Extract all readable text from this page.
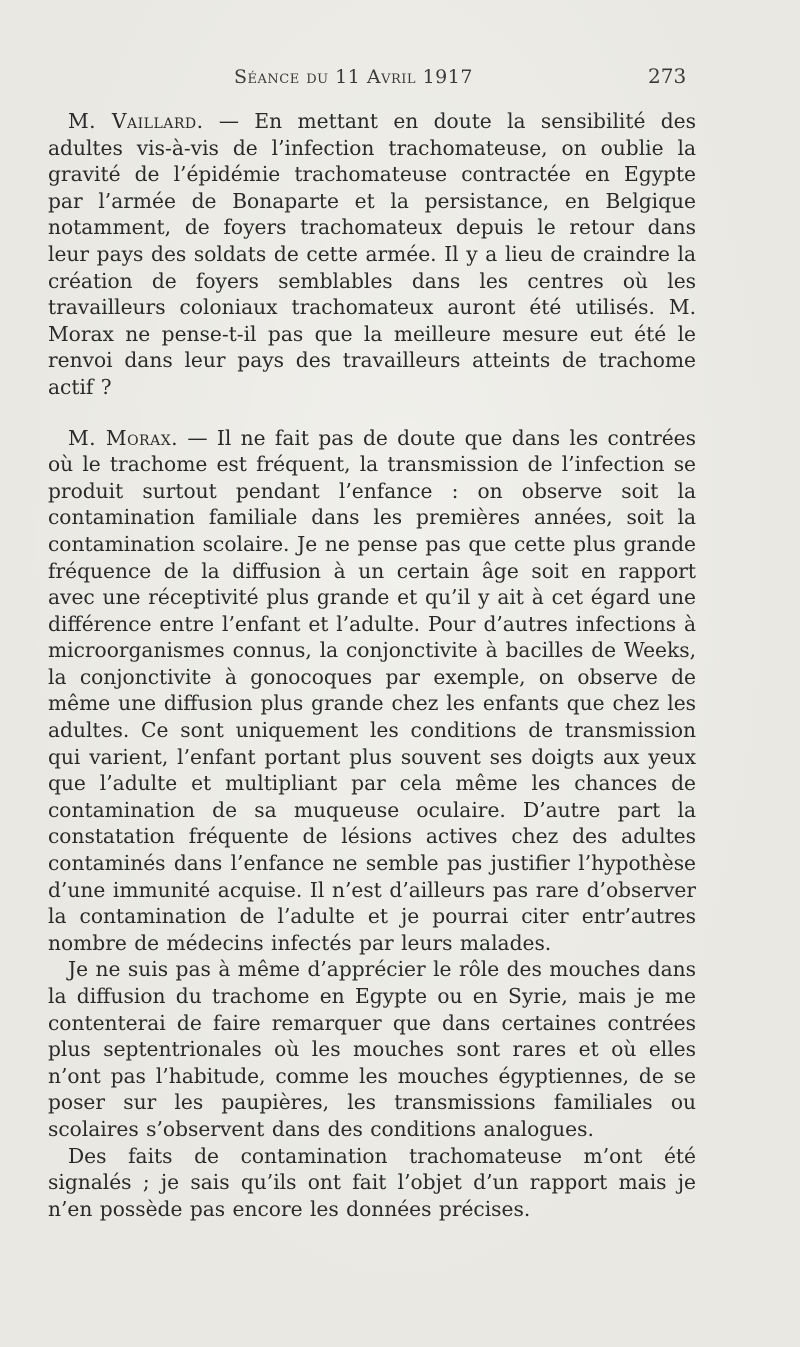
Séance du 11 Avril 1917	273

M. Vaillard. — En mettant en doute la sensibilité des adultes vis-à-vis de l’infection trachomateuse, on oublie la gravité de l’épidémie trachomateuse contractée en Egypte par l’armée de Bonaparte et la persistance, en Belgique notamment, de foyers trachomateux depuis le retour dans leur pays des soldats de cette armée. Il y a lieu de craindre la création de foyers semblables dans les centres où les travailleurs coloniaux trachomateux auront été utilisés. M. Morax ne pense-t-il pas que la meilleure mesure eut été le renvoi dans leur pays des travailleurs atteints de trachome actif ?

M. Morax. — Il ne fait pas de doute que dans les contrées où le trachome est fréquent, la transmission de l’infection se produit surtout pendant l’enfance : on observe soit la contamination familiale dans les premières années, soit la contamination scolaire. Je ne pense pas que cette plus grande fréquence de la diffusion à un certain âge soit en rapport avec une réceptivité plus grande et qu’il y ait à cet égard une différence entre l’enfant et l’adulte. Pour d’autres infections à microorganismes connus, la conjonctivite à bacilles de Weeks, la conjonctivite à gonocoques par exemple, on observe de même une diffusion plus grande chez les enfants que chez les adultes. Ce sont uniquement les conditions de transmission qui varient, l’enfant portant plus souvent ses doigts aux yeux que l’adulte et multipliant par cela même les chances de contamination de sa muqueuse oculaire. D’autre part la constatation fréquente de lésions actives chez des adultes contaminés dans l’enfance ne semble pas justifier l’hypothèse d’une immunité acquise. Il n’est d’ailleurs pas rare d’observer la contamination de l’adulte et je pourrai citer entr’autres nombre de médecins infectés par leurs malades.

Je ne suis pas à même d’apprécier le rôle des mouches dans la diffusion du trachome en Egypte ou en Syrie, mais je me contenterai de faire remarquer que dans certaines contrées plus septentrionales où les mouches sont rares et où elles n’ont pas l’habitude, comme les mouches égyptiennes, de se poser sur les paupières, les transmissions familiales ou scolaires s’observent dans des conditions analogues.

Des faits de contamination trachomateuse m’ont été signalés ; je sais qu’ils ont fait l’objet d’un rapport mais je n’en possède pas encore les données précises.
